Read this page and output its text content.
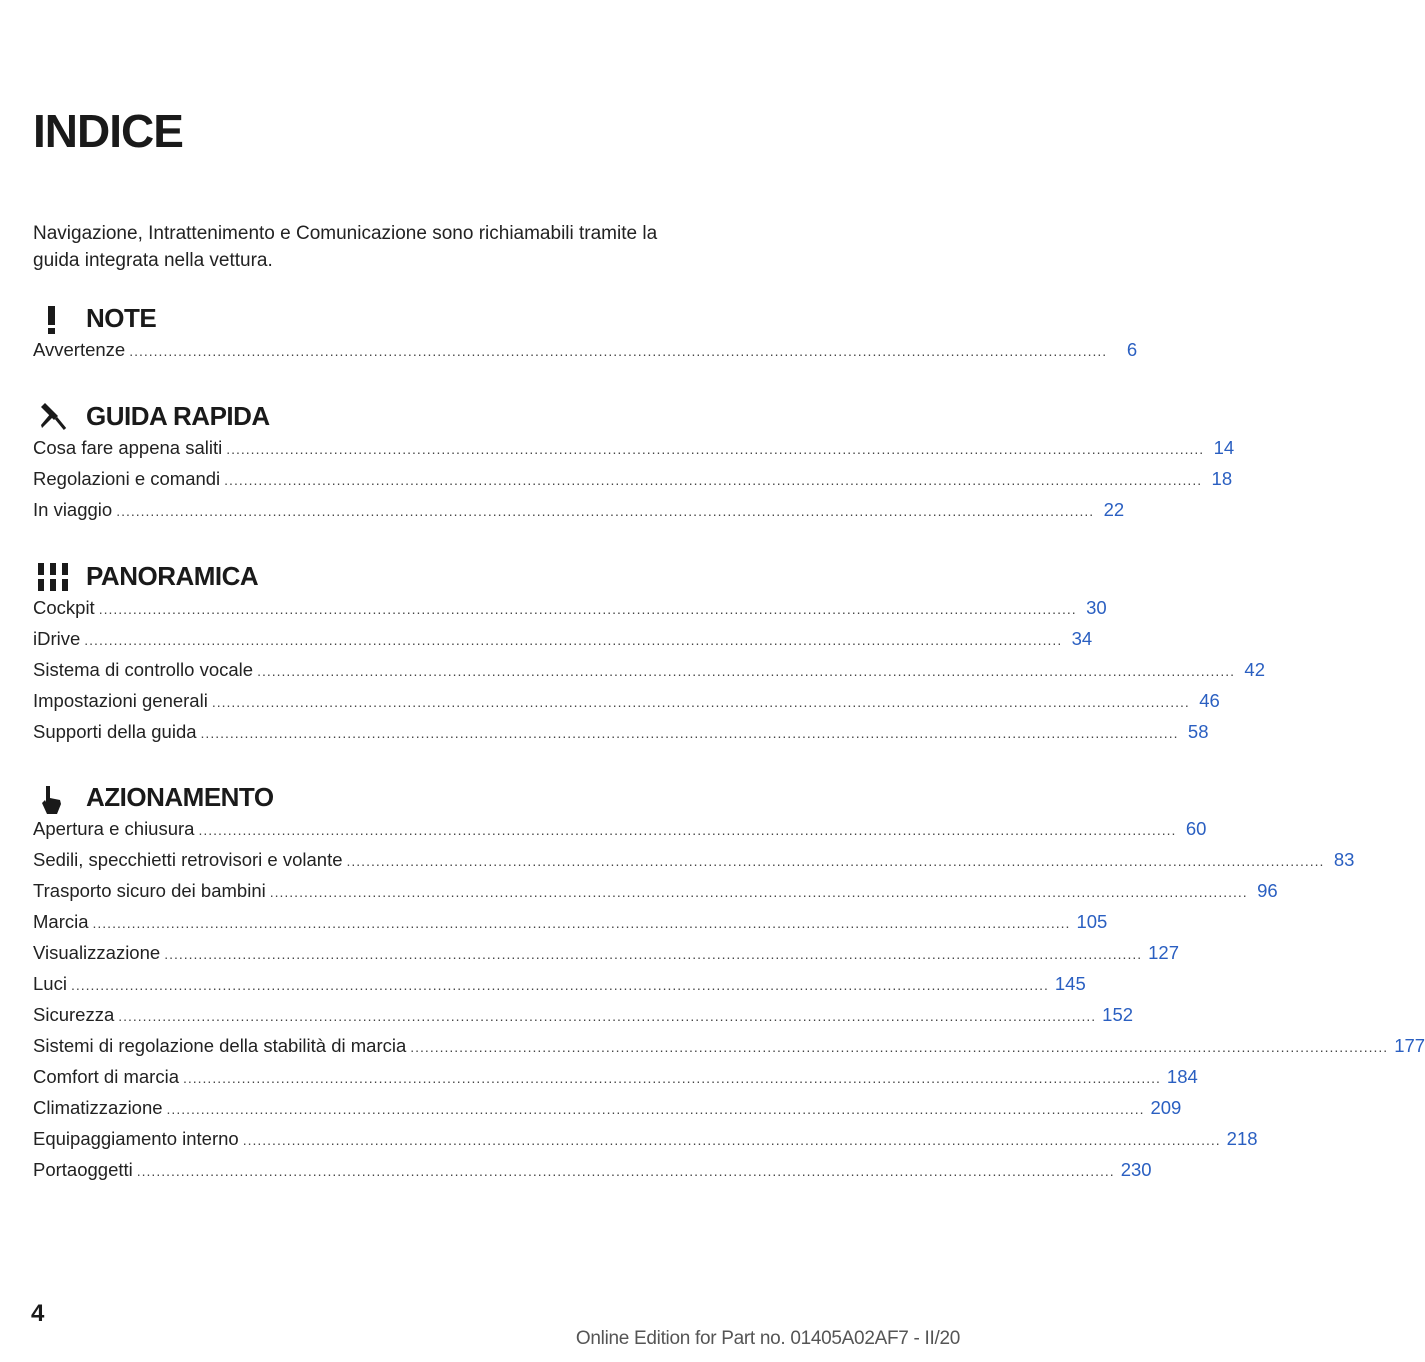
INDICE
Navigazione, Intrattenimento e Comunicazione sono richiamabili tramite la guida integrata nella vettura.
NOTE
Avvertenze ........................................................................................................................................................................................................	6
GUIDA RAPIDA
Cosa fare appena saliti ........................................................................................................................................................................................................ 14
Regolazioni e comandi ........................................................................................................................................................................................................ 18
In viaggio ........................................................................................................................................................................................................ 22
PANORAMICA
Cockpit ........................................................................................................................................................................................................ 30
iDrive ........................................................................................................................................................................................................ 34
Sistema di controllo vocale ........................................................................................................................................................................................................ 42
Impostazioni generali ........................................................................................................................................................................................................ 46
Supporti della guida ........................................................................................................................................................................................................ 58
AZIONAMENTO
Apertura e chiusura ........................................................................................................................................................................................................ 60
Sedili, specchietti retrovisori e volante ........................................................................................................................................................................................................ 83
Trasporto sicuro dei bambini ........................................................................................................................................................................................................ 96
Marcia ........................................................................................................................................................................................................ 105
Visualizzazione ........................................................................................................................................................................................................ 127
Luci ........................................................................................................................................................................................................ 145
Sicurezza ........................................................................................................................................................................................................ 152
Sistemi di regolazione della stabilità di marcia ........................................................................................................................................................................................................ 177
Comfort di marcia ........................................................................................................................................................................................................ 184
Climatizzazione ........................................................................................................................................................................................................ 209
Equipaggiamento interno ........................................................................................................................................................................................................ 218
Portaoggetti ........................................................................................................................................................................................................ 230
4
Online Edition for Part no. 01405A02AF7 - II/20
